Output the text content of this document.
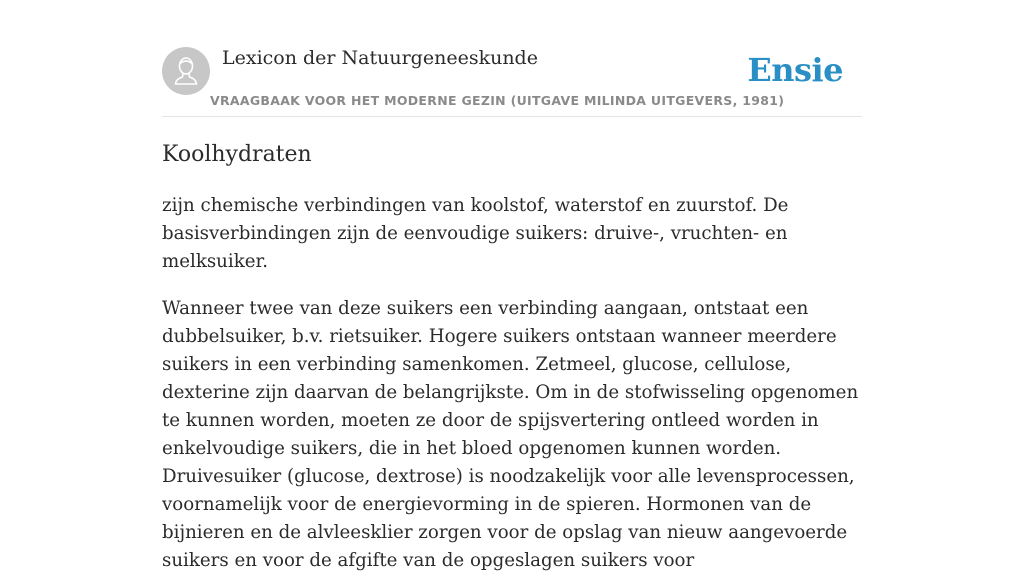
Lexicon der Natuurgeneeskunde
VRAAGBAAK VOOR HET MODERNE GEZIN (UITGAVE MILINDA UITGEVERS, 1981)
Ensie
Koolhydraten

zijn chemische verbindingen van koolstof, waterstof en zuurstof. De basisverbindingen zijn de eenvoudige suikers: druive-, vruchten- en melksuiker.

Wanneer twee van deze suikers een verbinding aangaan, ontstaat een dubbelsuiker, b.v. rietsuiker. Hogere suikers ontstaan wanneer meerdere suikers in een verbinding samenkomen. Zetmeel, glucose, cellulose, dexterine zijn daarvan de belangrijkste. Om in de stofwisseling opgenomen te kunnen worden, moeten ze door de spijsvertering ontleed worden in enkelvoudige suikers, die in het bloed opgenomen kunnen worden. Druivesuiker (glucose, dextrose) is noodzakelijk voor alle levensprocessen, voornamelijk voor de energievorming in de spieren. Hormonen van de bijnieren en de alvleesklier zorgen voor de opslag van nieuw aangevoerde suikers en voor de afgifte van de opgeslagen suikers voor
